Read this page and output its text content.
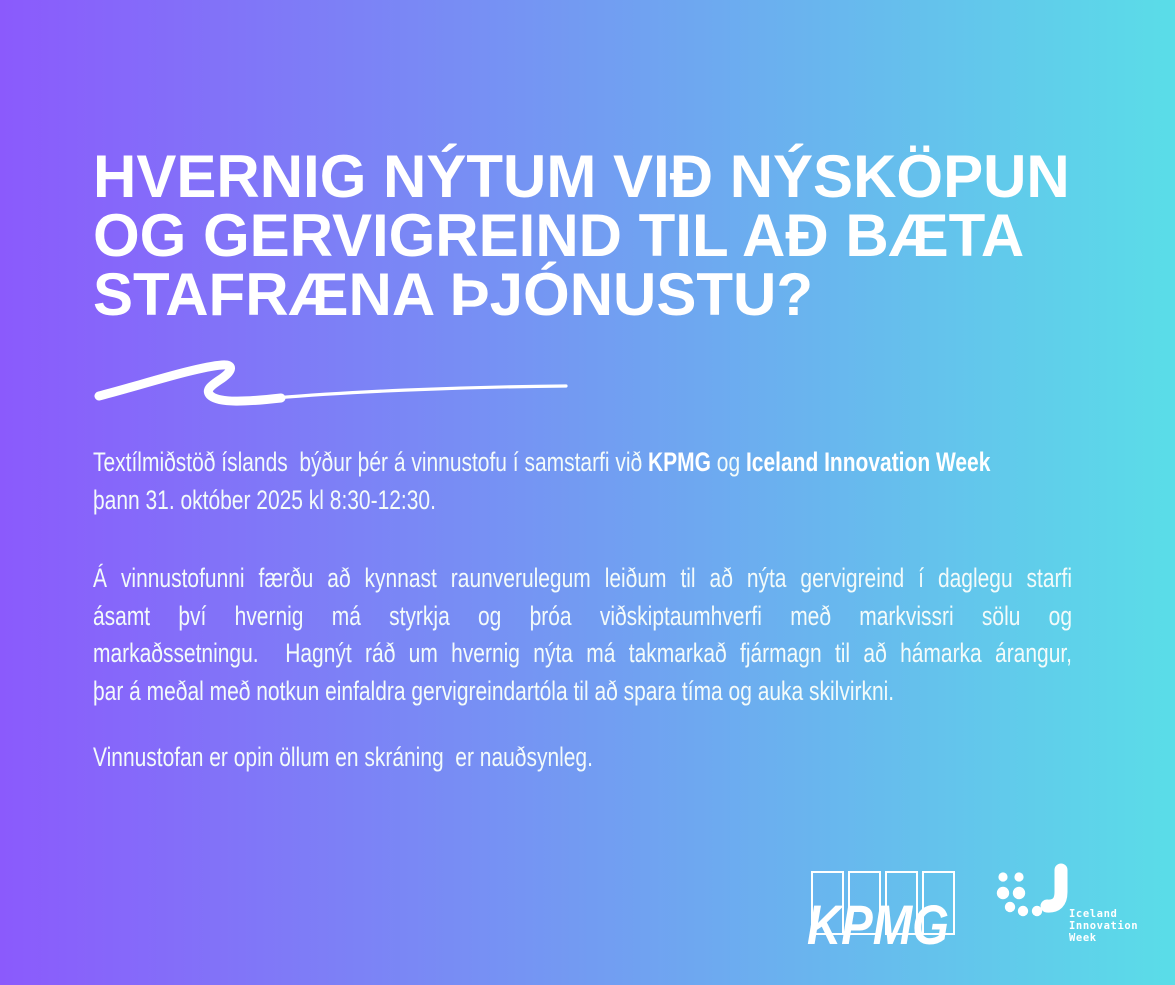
HVERNIG NÝTUM VIÐ NÝSKÖPUN
OG GERVIGREIND TIL AÐ BÆTA
STAFRÆNA ÞJÓNUSTU?
Textílmiðstöð íslands  býður þér á vinnustofu í samstarfi við KPMG og Iceland Innovation Week
þann 31. október 2025 kl 8:30-12:30.
Á vinnustofunni færðu að kynnast raunverulegum leiðum til að nýta gervigreind í daglegu starfi
ásamt því hvernig má styrkja og þróa viðskiptaumhverfi með markvissri sölu og
markaðssetningu.  Hagnýt ráð um hvernig nýta má takmarkað fjármagn til að hámarka árangur,
þar á meðal með notkun einfaldra gervigreindartóla til að spara tíma og auka skilvirkni.
Vinnustofan er opin öllum en skráning  er nauðsynleg.
KPMG	Iceland
Innovation
Week
